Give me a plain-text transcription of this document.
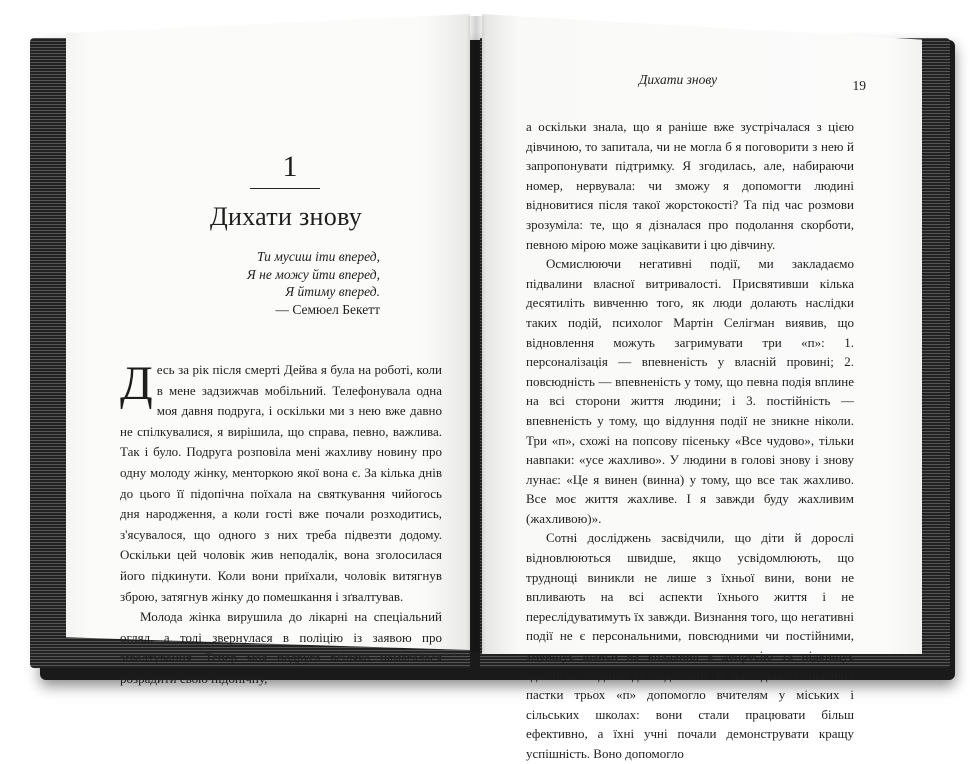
1
Дихати знову
Ти мусиш іти вперед,
Я не можу йти вперед,
Я йтиму вперед.
— Семюел Бекетт

Десь за рік після смерті Дейва я була на роботі, коли в мене задзижчав мобільний. Телефонувала одна моя давня подруга, і оскільки ми з нею вже давно не спілкувалися, я вирішила, що справа, певно, важлива. Так і було. Подруга розповіла мені жахливу новину про одну молоду жінку, менторкою якої вона є. За кілька днів до цього її підопічна поїхала на святкування чийогось дня народження, а коли гості вже почали розходитись, з'ясувалося, що одного з них треба підвезти додому. Оскільки цей чоловік жив неподалік, вона зголосилася його підкинути. Коли вони приїхали, чоловік витягнув зброю, затягнув жінку до помешкання і зґвалтував.

Молода жінка вирушила до лікарні на спеціальний огляд, а тоді звернулася в поліцію із заявою про зґвалтування. Тепер моя подруга всіляко намагалася розрадити свою підопічну,

Дихати знову	19

а оскільки знала, що я раніше вже зустрічалася з цією дівчиною, то запитала, чи не могла б я поговорити з нею й запропонувати підтримку. Я згодилась, але, набираючи номер, нервувала: чи зможу я допомогти людині відновитися після такої жорстокості? Та під час розмови зрозуміла: те, що я дізналася про подолання скорботи, певною мірою може зацікавити і цю дівчину.

Осмислюючи негативні події, ми закладаємо підвалини власної витривалості. Присвятивши кілька десятиліть вивченню того, як люди долають наслідки таких подій, психолог Мартін Селігман виявив, що відновлення можуть загримувати три «п»: 1. персоналізація — впевненість у власній провині; 2. повсюдність — впевненість у тому, що певна подія вплине на всі сторони життя людини; і 3. постійність — впевненість у тому, що відлуння події не зникне ніколи. Три «п», схожі на попсову пісеньку «Все чудово», тільки навпаки: «усе жахливо». У людини в голові знову і знову лунає: «Це я винен (винна) у тому, що все так жахливо. Все моє життя жахливе. І я завжди буду жахливим (жахливою)».

Сотні досліджень засвідчили, що діти й дорослі відновлюються швидше, якщо усвідомлюють, що труднощі виникли не лише з їхньої вини, вони не впливають на всі аспекти їхнього життя і не переслідуватимуть їх завжди. Визнання того, що негативні події не є персональними, повсюдними чи постійними, зменшує шанси на впадання в депресію та підвищує здатність людини до подолання їх наслідків. Уникнення пастки трьох «п» допомогло вчителям у міських і сільських школах: вони стали працювати більш ефективно, а їхні учні почали демонструвати кращу успішність. Воно допомогло
